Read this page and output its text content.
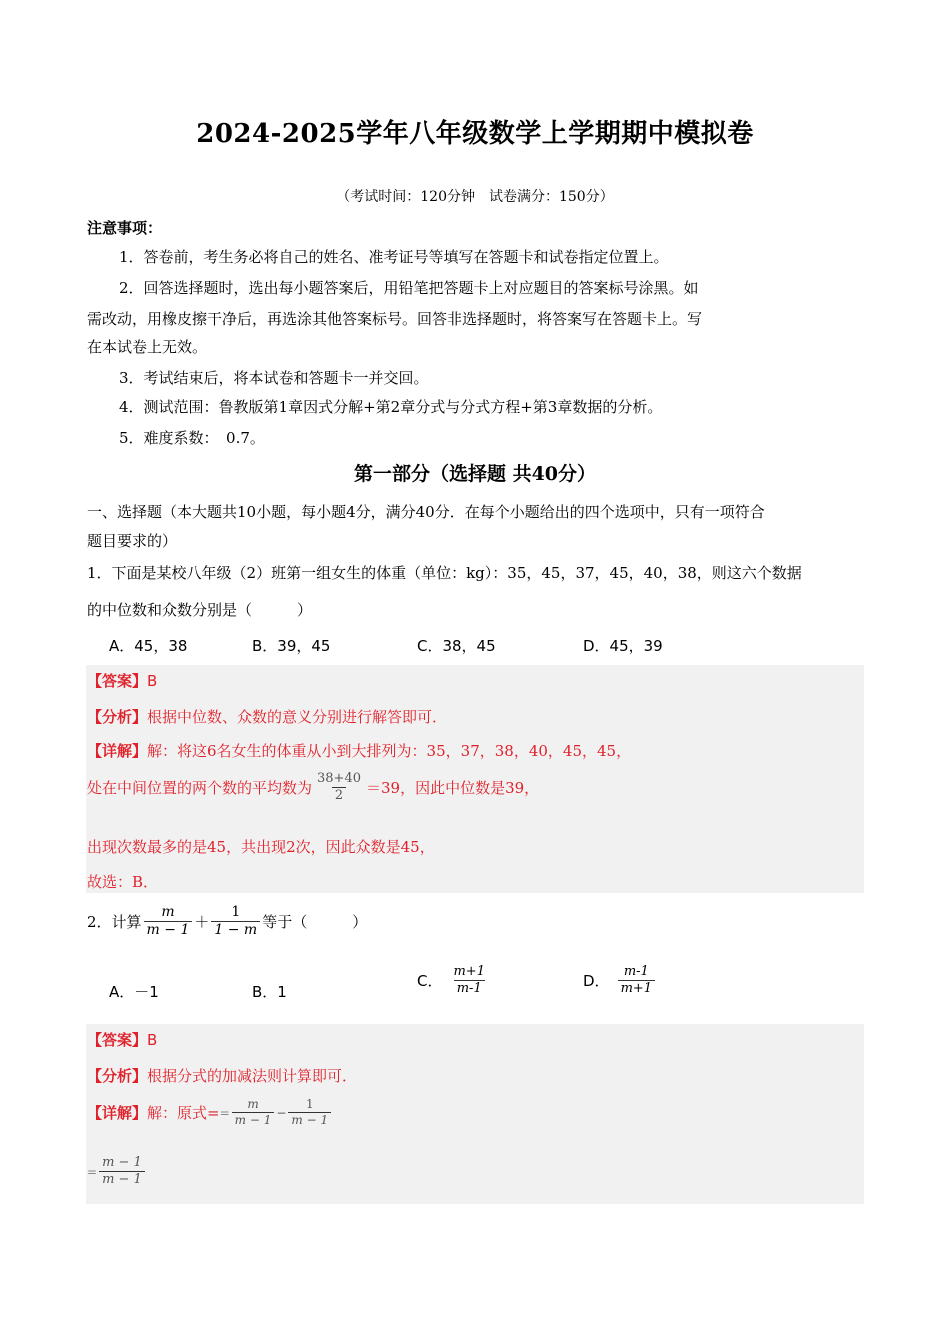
2024-2025学年八年级数学上学期期中模拟卷
（考试时间：120分钟　试卷满分：150分）
注意事项：
1．答卷前，考生务必将自己的姓名、准考证号等填写在答题卡和试卷指定位置上。
2．回答选择题时，选出每小题答案后，用铅笔把答题卡上对应题目的答案标号涂黑。如
需改动，用橡皮擦干净后，再选涂其他答案标号。回答非选择题时，将答案写在答题卡上。写
在本试卷上无效。
3．考试结束后，将本试卷和答题卡一并交回。
4．测试范围：鲁教版第1章因式分解+第2章分式与分式方程+第3章数据的分析。
5．难度系数：　0.7。
第一部分（选择题 共40分）
一、选择题（本大题共10小题，每小题4分，满分40分．在每个小题给出的四个选项中，只有一项符合
题目要求的）
1．下面是某校八年级（2）班第一组女生的体重（单位：kg）：35，45，37，45，40，38，则这六个数据
的中位数和众数分别是（　　　）
A．45，38	B．39，45	C．38，45	D．45，39
【答案】B
【分析】根据中位数、众数的意义分别进行解答即可．
【详解】解：将这6名女生的体重从小到大排列为：35，37，38，40，45，45，
处在中间位置的两个数的平均数为 $\frac{38+40}{2} =39$，因此中位数是39，
出现次数最多的是45，共出现2次，因此众数是45，
故选：B．
2．计算 $\frac{m}{m - 1} + \frac{1}{1 - m}$ 等于（　　　）
A．－1	B．1
C． $\frac{m+1}{m-1}$	D． $\frac{m-1}{m+1}$
【答案】B
【分析】根据分式的加减法则计算即可．
【详解】 解：原式= = $\frac{m}{m - 1} - \frac{1}{m - 1}$
= $\frac{m - 1}{m - 1}$
